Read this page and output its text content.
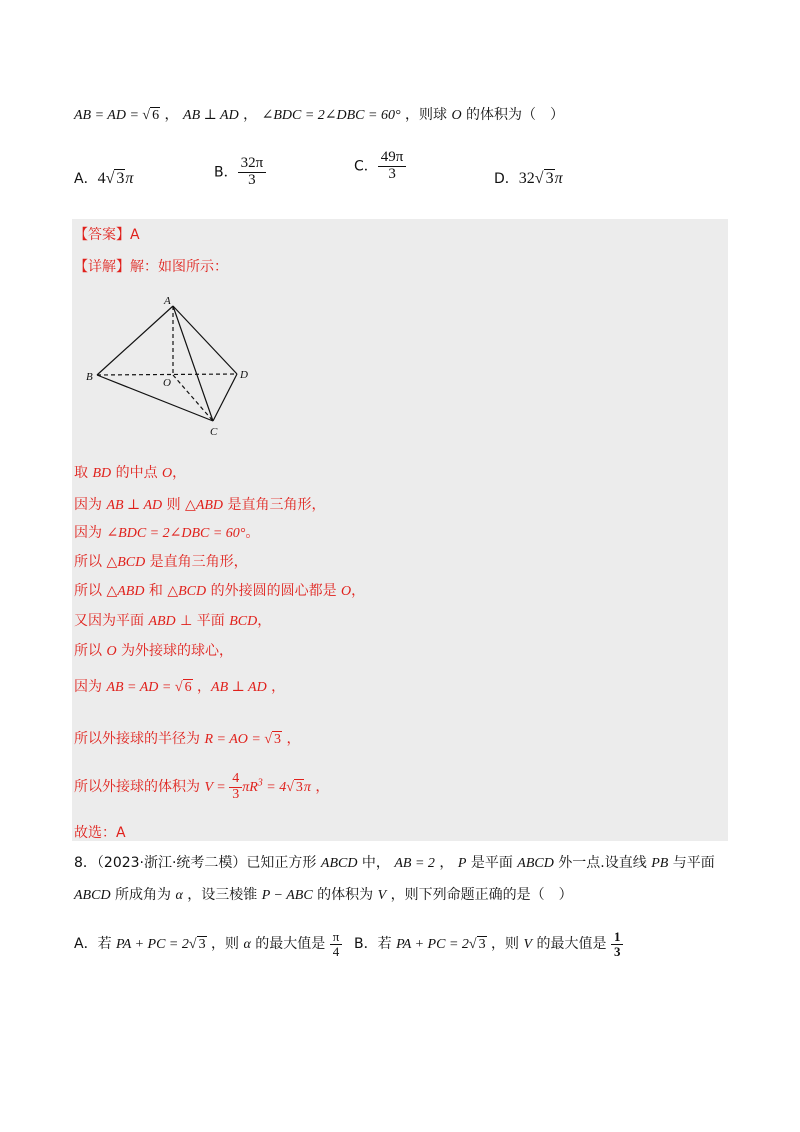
AB = AD = √ 6 ， AB ⊥ AD ， ∠BDC = 2∠DBC = 60° ，则球 O 的体积为（　）
A．4√ 3π	B． $\frac{32\pi}{3}$	C． $\frac{49\pi}{3}$	D．32√ 3π
【答案】A
【详解】解：如图所示：
A
B	O
D
C
取 BD 的中点 O，
因为 AB ⊥ AD 则 △ABD 是直角三角形，
因为 ∠BDC = 2∠DBC = 60°。
所以 △BCD 是直角三角形，
所以 △ABD 和 △BCD 的外接圆的圆心都是 O，
又因为平面 ABD ⊥ 平面 BCD，
所以 O 为外接球的球心，
因为 AB = AD = √ 6 ，AB ⊥ AD ，
所以外接球的半径为 R = AO = √ 3 ，
所以外接球的体积为 $V = \frac{4}{3} \pi R^3 = 4√$ 3π ，
故选：A
8．（2023·浙江·统考二模）已知正方形 ABCD 中， AB = 2 ， P 是平面 ABCD 外一点.设直线 PB 与平面
ABCD 所成角为 α ，设三棱锥 P − ABC 的体积为 V ，则下列命题正确的是（　）
A．若 PA + PC = 2√ 3 ，则 α 的最大值是 $\frac{\pi}{4}$ B．若 PA + PC = 2√ 3 ，则 V 的最大值是 $\frac{1}{3}$
